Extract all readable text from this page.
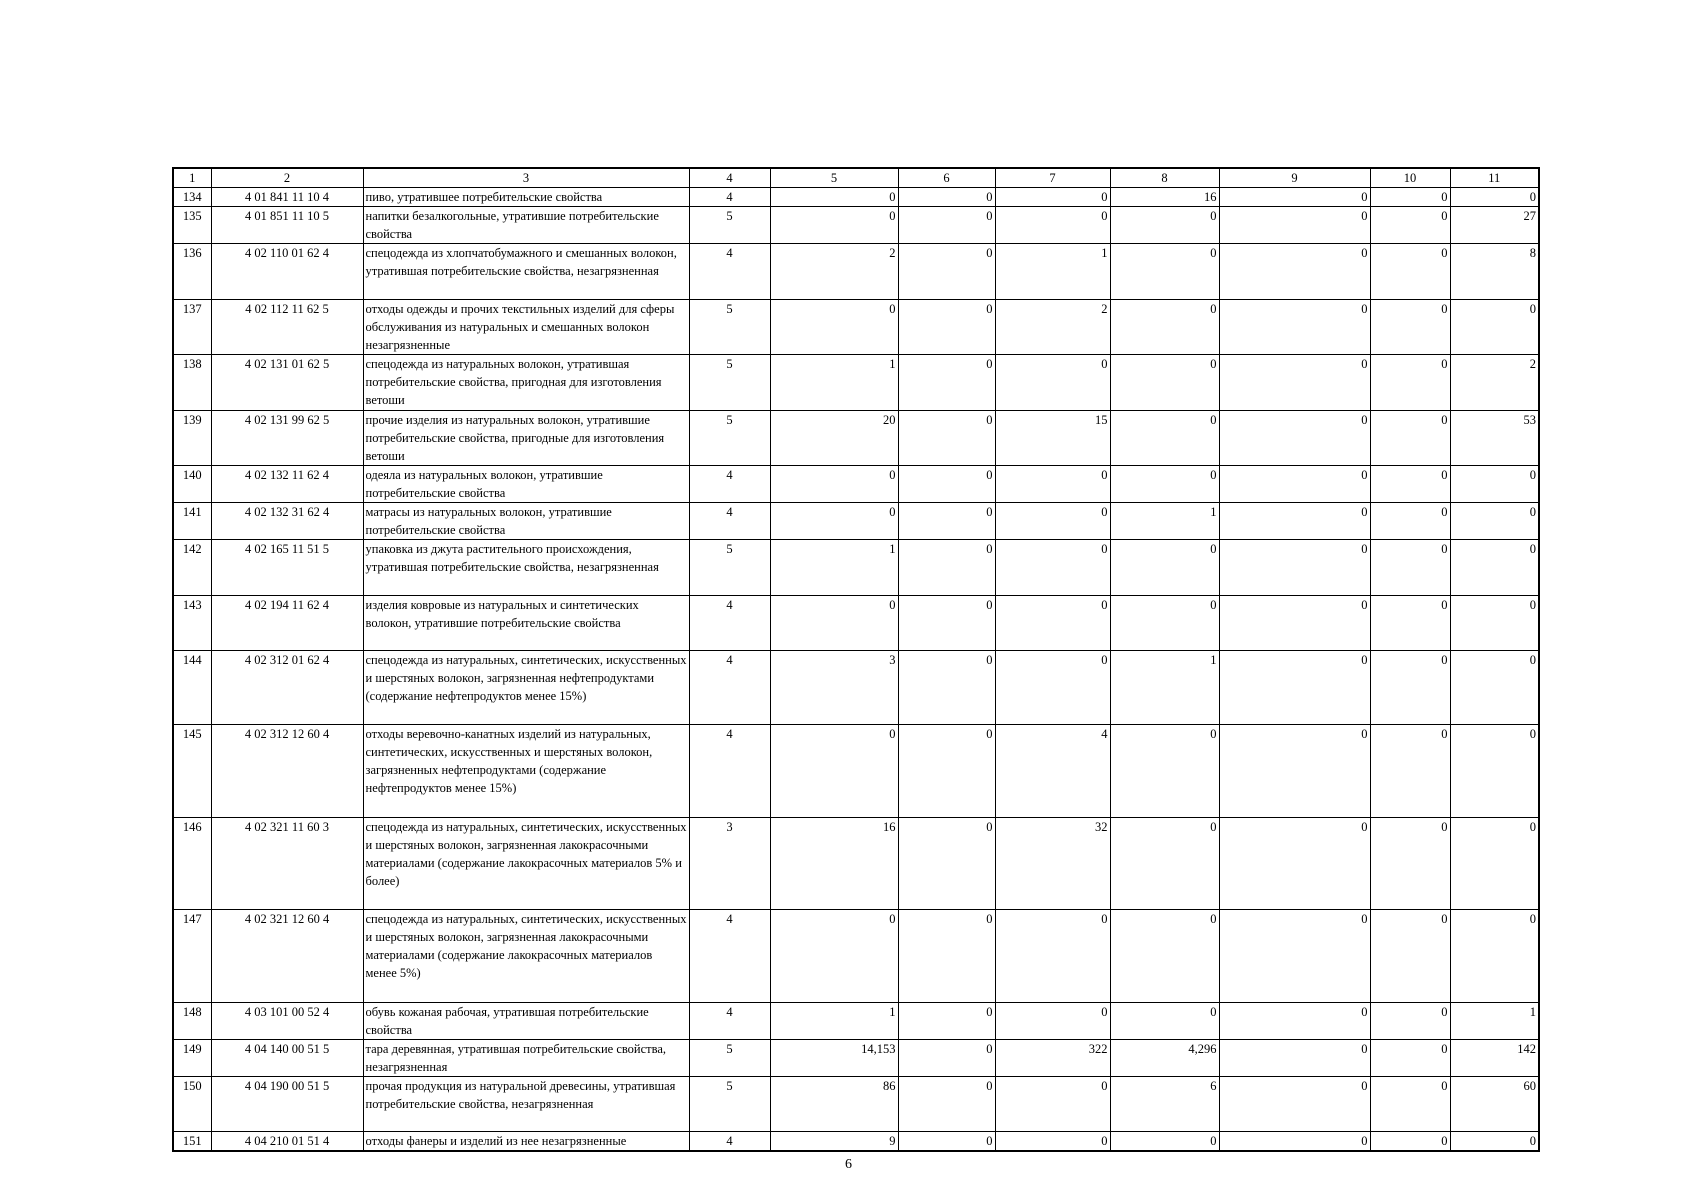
1	2	3	4	5	6	7	8	9	10	11
134	4 01 841 11 10 4	пиво, утратившее потребительские свойства	4	0	0	0	16	0	0	0
135	4 01 851 11 10 5	напитки безалкогольные, утратившие потребительские свойства	5	0	0	0	0	0	0	27
136	4 02 110 01 62 4	спецодежда из хлопчатобумажного и смешанных волокон, утратившая потребительские свойства, незагрязненная	4	2	0	1	0	0	0	8
137	4 02 112 11 62 5	отходы одежды и прочих текстильных изделий для сферы обслуживания из натуральных и смешанных волокон незагрязненные	5	0	0	2	0	0	0	0
138	4 02 131 01 62 5	спецодежда из натуральных волокон, утратившая потребительские свойства, пригодная для изготовления ветоши	5	1	0	0	0	0	0	2
139	4 02 131 99 62 5	прочие изделия из натуральных волокон, утратившие потребительские свойства, пригодные для изготовления ветоши	5	20	0	15	0	0	0	53
140	4 02 132 11 62 4	одеяла из натуральных волокон, утратившие потребительские свойства	4	0	0	0	0	0	0	0
141	4 02 132 31 62 4	матрасы из натуральных волокон, утратившие потребительские свойства	4	0	0	0	1	0	0	0
142	4 02 165 11 51 5	упаковка из джута растительного происхождения, утратившая потребительские свойства, незагрязненная	5	1	0	0	0	0	0	0
143	4 02 194 11 62 4	изделия ковровые из натуральных и синтетических волокон, утратившие потребительские свойства	4	0	0	0	0	0	0	0
144	4 02 312 01 62 4	спецодежда из натуральных, синтетических, искусственных и шерстяных волокон, загрязненная нефтепродуктами (содержание нефтепродуктов менее 15%)	4	3	0	0	1	0	0	0
145	4 02 312 12 60 4	отходы веревочно-канатных изделий из натуральных, синтетических, искусственных и шерстяных волокон, загрязненных нефтепродуктами (содержание нефтепродуктов менее 15%)	4	0	0	4	0	0	0	0
146	4 02 321 11 60 3	спецодежда из натуральных, синтетических, искусственных и шерстяных волокон, загрязненная лакокрасочными материалами (содержание лакокрасочных материалов 5% и более)	3	16	0	32	0	0	0	0
147	4 02 321 12 60 4	спецодежда из натуральных, синтетических, искусственных и шерстяных волокон, загрязненная лакокрасочными материалами (содержание лакокрасочных материалов менее 5%)	4	0	0	0	0	0	0	0
148	4 03 101 00 52 4	обувь кожаная рабочая, утратившая потребительские свойства	4	1	0	0	0	0	0	1
149	4 04 140 00 51 5	тара деревянная, утратившая потребительские свойства, незагрязненная	5	14,153	0	322	4,296	0	0	142
150	4 04 190 00 51 5	прочая продукция из натуральной древесины, утратившая потребительские свойства, незагрязненная	5	86	0	0	6	0	0	60
151	4 04 210 01 51 4	отходы фанеры и изделий из нее незагрязненные	4	9	0	0	0	0	0	0
6
